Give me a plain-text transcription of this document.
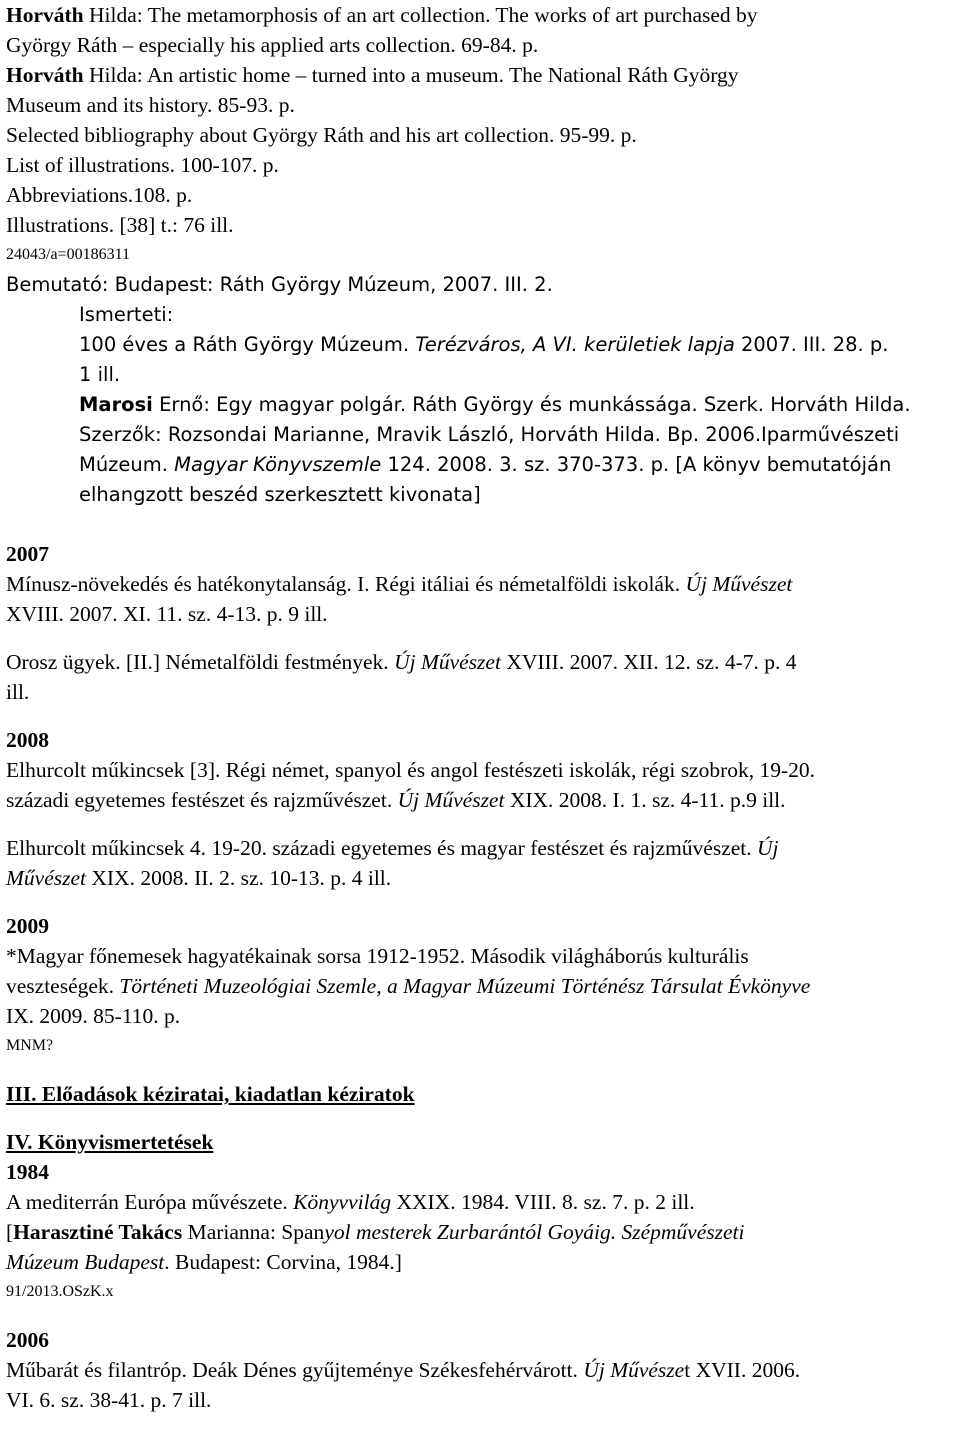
Horváth Hilda: The metamorphosis of an art collection. The works of art purchased by
György Ráth – especially his applied arts collection. 69-84. p.
Horváth Hilda: An artistic home – turned into a museum. The National Ráth György
Museum and its history. 85-93. p.
Selected bibliography about György Ráth and his art collection. 95-99. p.
List of illustrations. 100-107. p.
Abbreviations.108. p.
Illustrations. [38] t.: 76 ill.
24043/a=00186311
Bemutató: Budapest: Ráth György Múzeum, 2007. III. 2.
Ismerteti:
100 éves a Ráth György Múzeum. Terézváros, A VI. kerületiek lapja 2007. III. 28. p.
1 ill.
Marosi Ernő: Egy magyar polgár. Ráth György és munkássága. Szerk. Horváth Hilda.
Szerzők: Rozsondai Marianne, Mravik László, Horváth Hilda. Bp. 2006.Iparművészeti
Múzeum. Magyar Könyvszemle 124. 2008. 3. sz. 370-373. p. [A könyv bemutatóján
elhangzott beszéd szerkesztett kivonata]
2007
Mínusz-növekedés és hatékonytalanság. I. Régi itáliai és németalföldi iskolák. Új Művészet
XVIII. 2007. XI. 11. sz. 4-13. p. 9 ill.
Orosz ügyek. [II.] Németalföldi festmények. Új Művészet XVIII. 2007. XII. 12. sz. 4-7. p. 4
ill.
2008
Elhurcolt műkincsek [3]. Régi német, spanyol és angol festészeti iskolák, régi szobrok, 19-20.
századi egyetemes festészet és rajzművészet. Új Művészet XIX. 2008. I. 1. sz. 4-11. p.9 ill.
Elhurcolt műkincsek 4. 19-20. századi egyetemes és magyar festészet és rajzművészet. Új
Művészet XIX. 2008. II. 2. sz. 10-13. p. 4 ill.
2009
*Magyar főnemesek hagyatékainak sorsa 1912-1952. Második világháborús kulturális
veszteségek. Történeti Muzeológiai Szemle, a Magyar Múzeumi Történész Társulat Évkönyve
IX. 2009. 85-110. p.
MNM?
III. Előadások kéziratai, kiadatlan kéziratok
IV. Könyvismertetések
1984
A mediterrán Európa művészete. Könyvvilág XXIX. 1984. VIII. 8. sz. 7. p. 2 ill.
[Harasztiné Takács Marianna: Spanyol mesterek Zurbarántól Goyáig. Szépművészeti
Múzeum Budapest. Budapest: Corvina, 1984.]
91/2013.OSzK.x
2006
Műbarát és filantróp. Deák Dénes gyűjteménye Székesfehérvárott. Új Művészet XVII. 2006.
VI. 6. sz. 38-41. p. 7 ill.
